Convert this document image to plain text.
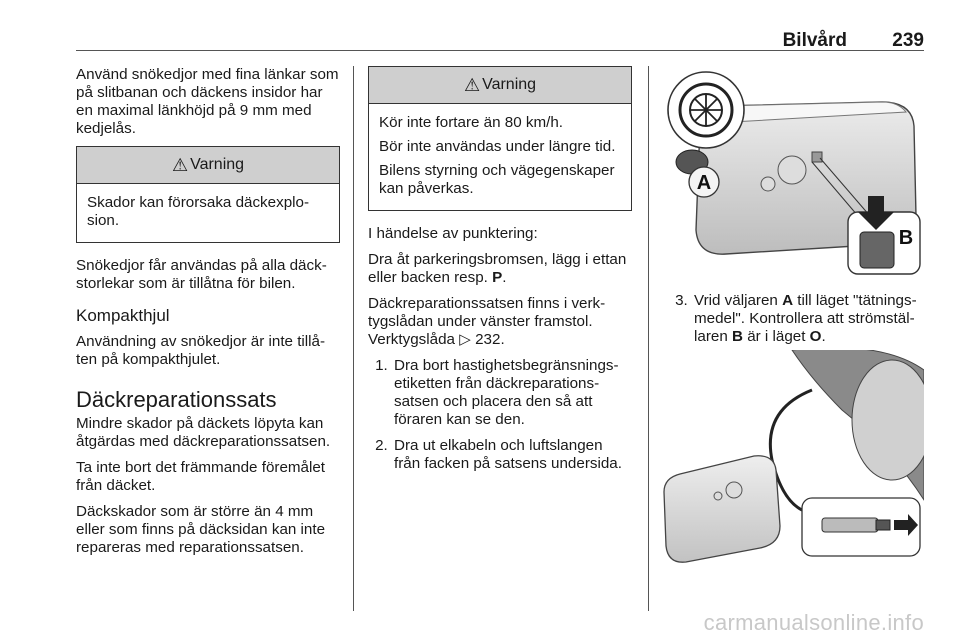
Bilvård 239

Använd snökedjor med fina länkar som på slitbanan och däckens insidor har en maximal länkhöjd på 9 mm med kedjelås.

⚠ Varning

Skador kan förorsaka däckexplosion.

Snökedjor får användas på alla däckstorlekar som är tillåtna för bilen.

Kompakthjul

Användning av snökedjor är inte tillåten på kompakthjulet.

Däckreparationssats

Mindre skador på däckets löpyta kan åtgärdas med däckreparationssatsen.

Ta inte bort det främmande föremålet från däcket.

Däckskador som är större än 4 mm eller som finns på däcksidan kan inte repareras med reparationssatsen.

⚠ Varning

Kör inte fortare än 80 km/h.

Bör inte användas under längre tid.

Bilens styrning och vägegenskaper kan påverkas.

I händelse av punktering:

Dra åt parkeringsbromsen, lägg i ettan eller backen resp. P.

Däckreparationssatsen finns i verktygslådan under vänster framstol. Verktygslåda ▷ 232.

1. Dra bort hastighetsbegränsningsetiketten från däckreparationssatsen och placera den så att föraren kan se den.
2. Dra ut elkabeln och luftslangen från facken på satsens undersida.
A
B
3. Vrid väljaren A till läget "tätningsmedel". Kontrollera att strömställaren B är i läget O.
carmanualsonline.info
